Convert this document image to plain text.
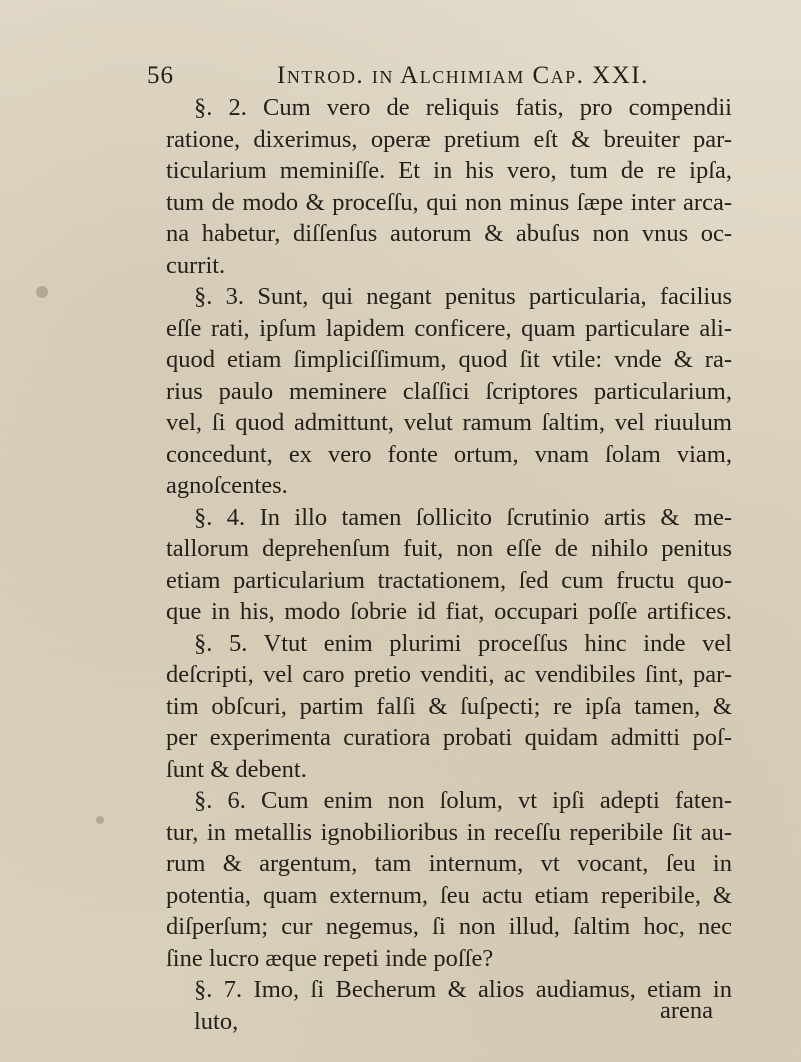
56	Introd. in Alchimiam Cap. XXI.
§. 2. Cum vero de reliquis fatis, pro compendii
ratione, dixerimus, operæ pretium eſt & breuiter par-
ticularium meminiſſe. Et in his vero, tum de re ipſa,
tum de modo & proceſſu, qui non minus ſæpe inter arca-
na habetur, diſſenſus autorum & abuſus non vnus oc-
currit.
§. 3. Sunt, qui negant penitus particularia, facilius
eſſe rati, ipſum lapidem conficere, quam particulare ali-
quod etiam ſimpliciſſimum, quod ſit vtile: vnde & ra-
rius paulo meminere claſſici ſcriptores particularium,
vel, ſi quod admittunt, velut ramum ſaltim, vel riuulum
concedunt, ex vero fonte ortum, vnam ſolam viam,
agnoſcentes.
§. 4. In illo tamen ſollicito ſcrutinio artis & me-
tallorum deprehenſum fuit, non eſſe de nihilo penitus
etiam particularium tractationem, ſed cum fructu quo-
que in his, modo ſobrie id fiat, occupari poſſe artifices.
§. 5. Vtut enim plurimi proceſſus hinc inde vel
deſcripti, vel caro pretio venditi, ac vendibiles ſint, par-
tim obſcuri, partim falſi & ſuſpecti; re ipſa tamen, &
per experimenta curatiora probati quidam admitti poſ-
ſunt & debent.
§. 6. Cum enim non ſolum, vt ipſi adepti faten-
tur, in metallis ignobilioribus in receſſu reperibile ſit au-
rum & argentum, tam internum, vt vocant, ſeu in
potentia, quam externum, ſeu actu etiam reperibile, &
diſperſum; cur negemus, ſi non illud, ſaltim hoc, nec
ſine lucro æque repeti inde poſſe?
§. 7. Imo, ſi Becherum & alios audiamus, etiam in luto,	arena
